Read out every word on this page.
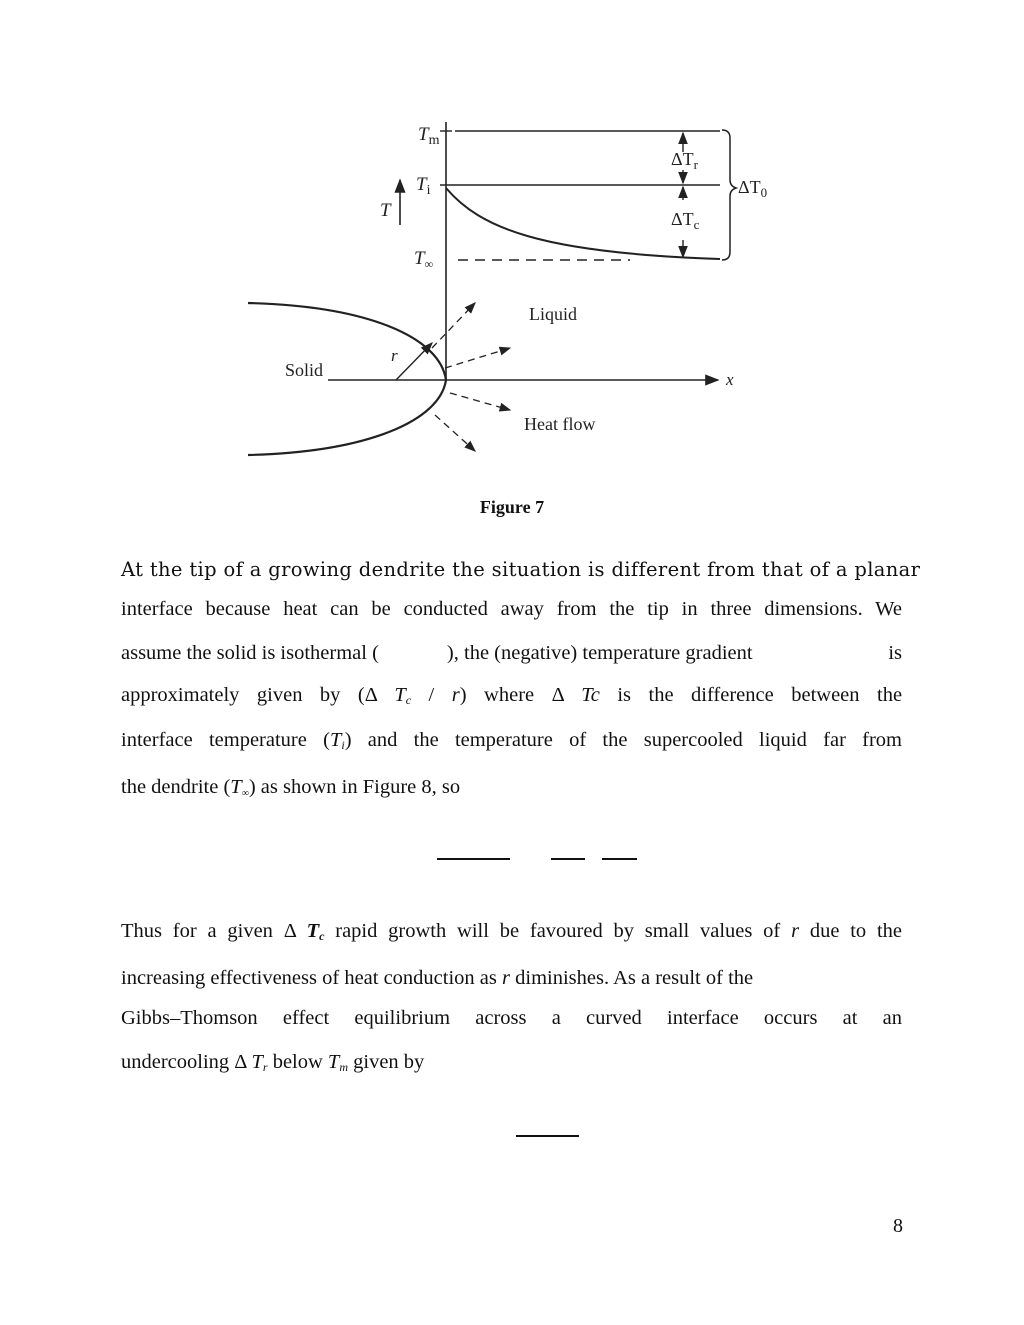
$T_m$
$T_i$
T
$T_\infty$
$\Delta T_r$
$\Delta T_c$
$\Delta T_0$
Liquid
Solid
Heat flow
r
x
Figure 7
At the tip of a growing dendrite the situation is different from that of a planar
interface because heat can be conducted away from the tip in three dimensions. We
assume the solid is isothermal (	), the (negative) temperature gradient	is
approximately given by (Δ $T_c / r$) where Δ Tc is the difference between the
interface temperature $(T_i)$ and the temperature of the supercooled liquid far from
the dendrite $(T_\infty)$ as shown in Figure 8, so
Thus for a given Δ $T_c$ rapid growth will be favoured by small values of r due to the
increasing effectiveness of heat conduction as r diminishes. As a result of the
Gibbs–Thomson effect equilibrium across a curved interface occurs at an
undercooling Δ $T_r$ below $T_m$ given by
8
